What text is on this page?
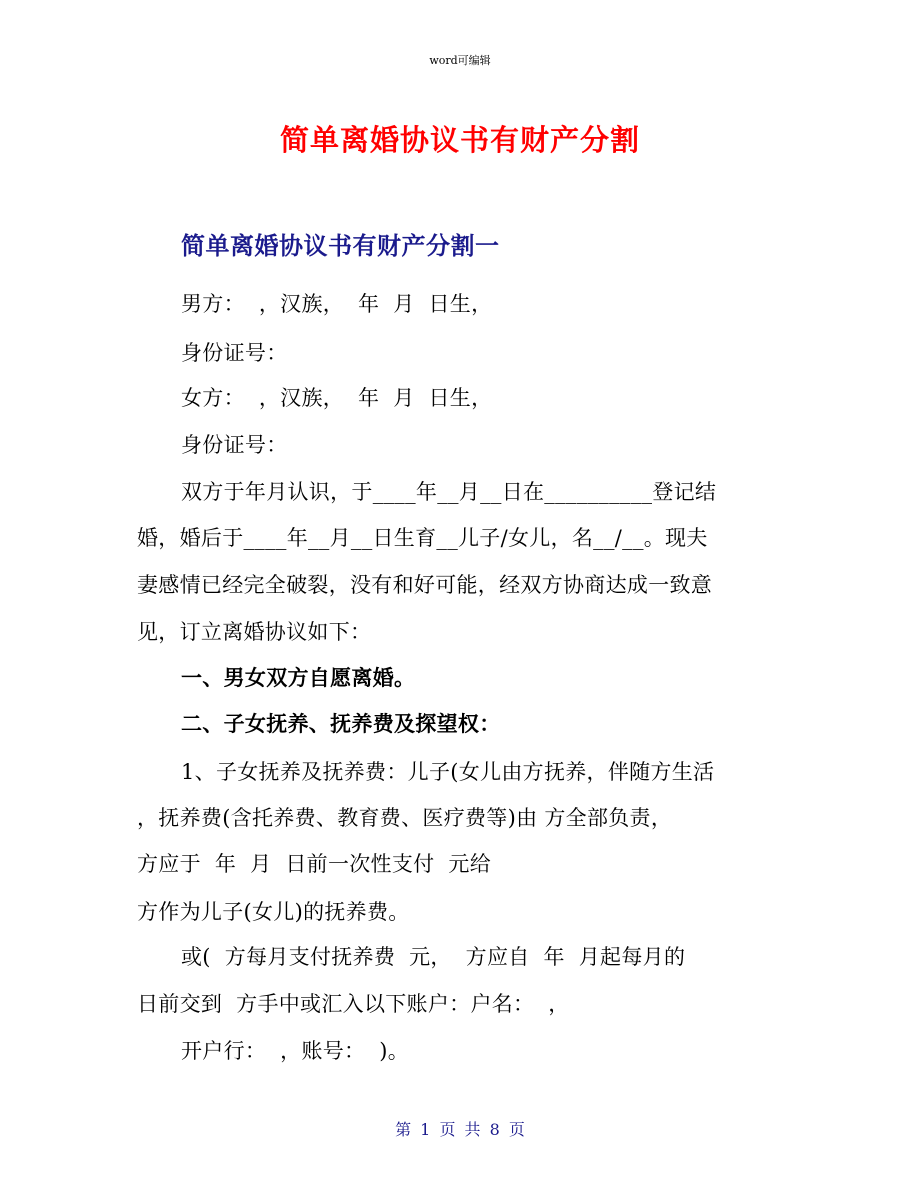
word可编辑
简单离婚协议书有财产分割
简单离婚协议书有财产分割一
男方：  ，汉族，  年  月  日生，
身份证号：
女方：  ，汉族，  年  月  日生，
身份证号：
双方于年月认识，于____年__月__日在__________登记结
婚，婚后于____年__月__日生育__儿子/女儿，名__/__。现夫
妻感情已经完全破裂，没有和好可能，经双方协商达成一致意
见，订立离婚协议如下：
一、男女双方自愿离婚。
二、子女抚养、抚养费及探望权：
1、子女抚养及抚养费：儿子(女儿由方抚养，伴随方生活
，抚养费(含托养费、教育费、医疗费等)由 方全部负责，
方应于  年  月  日前一次性支付  元给
方作为儿子(女儿)的抚养费。
或(  方每月支付抚养费  元，  方应自  年  月起每月的
日前交到  方手中或汇入以下账户：户名：  ，
开户行：  ，账号：  )。
第 1 页 共 8 页
